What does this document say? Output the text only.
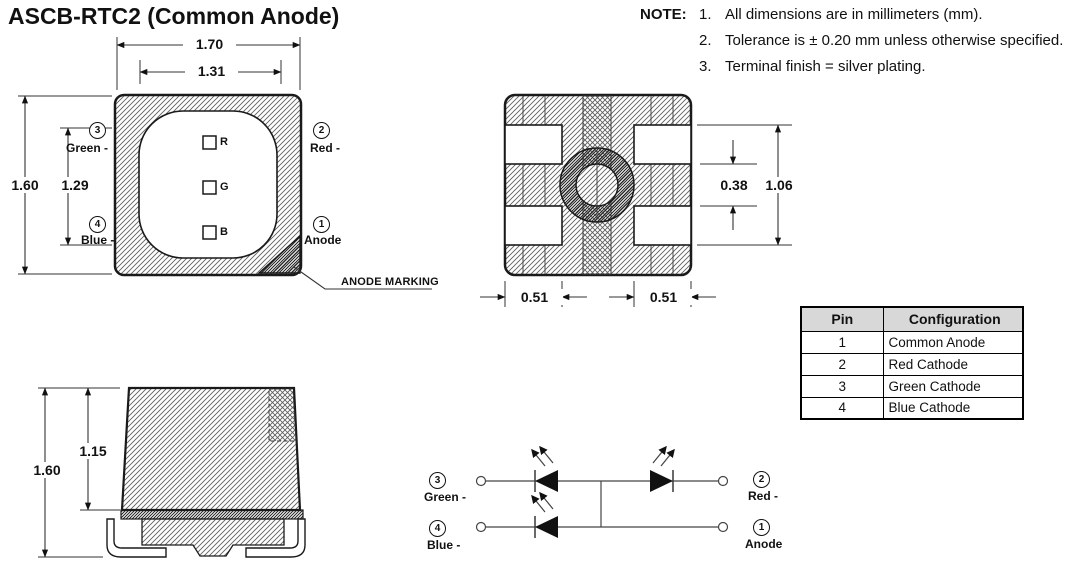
ASCB-RTC2 (Common Anode)	NOTE: 1. All dimensions are in millimeters (mm).
2. Tolerance is ± 0.20 mm unless otherwise specified.
3. Terminal finish = silver plating.
1.70
1.31
1.60	1.29
3
Green -
2
Red -
4
Blue -
1
Anode
R
G
B
ANODE MARKING
0.38	1.06
0.51	0.51
1.60
1.15
3
Green -
4
Blue -
2
Red -
1
Anode
Pin	Configuration
1	Common Anode
2	Red Cathode
3	Green Cathode
4	Blue Cathode
